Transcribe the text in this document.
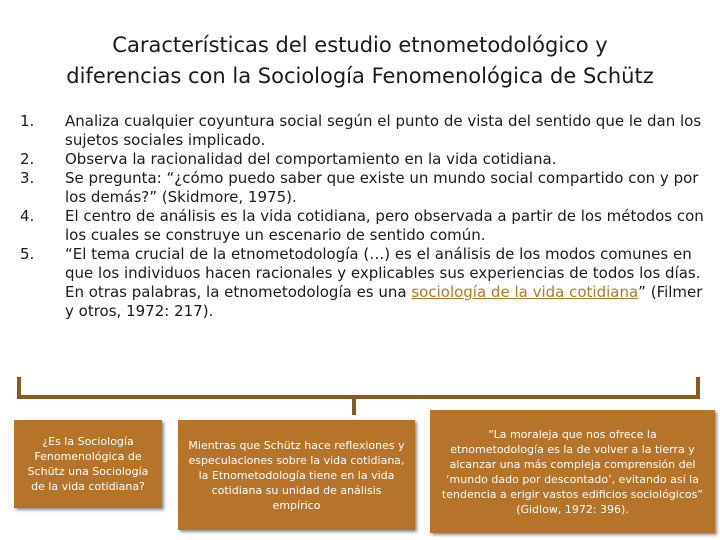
Características del estudio etnometodológico y
diferencias con la Sociología Fenomenológica de Schütz
1.	Analiza cualquier coyuntura social según el punto de vista del sentido que le dan los sujetos sociales implicado.
2.	Observa la racionalidad del comportamiento en la vida cotidiana.
3.	Se pregunta: “¿cómo puedo saber que existe un mundo social compartido con y por los demás?” (Skidmore, 1975).
4.	El centro de análisis es la vida cotidiana, pero observada a partir de los métodos con los cuales se construye un escenario de sentido común.
5.	“El tema crucial de la etnometodología (…) es el análisis de los modos comunes en que los individuos hacen racionales y explicables sus experiencias de todos los días. En otras palabras, la etnometodología es una sociología de la vida cotidiana” (Filmer y otros, 1972: 217).
¿Es la Sociología Fenomenológica de Schütz una Sociología de la vida cotidiana?
Mientras que Schütz hace reflexiones y especulaciones sobre la vida cotidiana, la Etnometodología tiene en la vida cotidiana su unidad de análisis empírico
“La moraleja que nos ofrece la etnometodología es la de volver a la tierra y alcanzar una más compleja comprensión del ‘mundo dado por descontado’, evitando así la tendencia a erigir vastos edificios sociológicos” (Gidlow, 1972: 396).
